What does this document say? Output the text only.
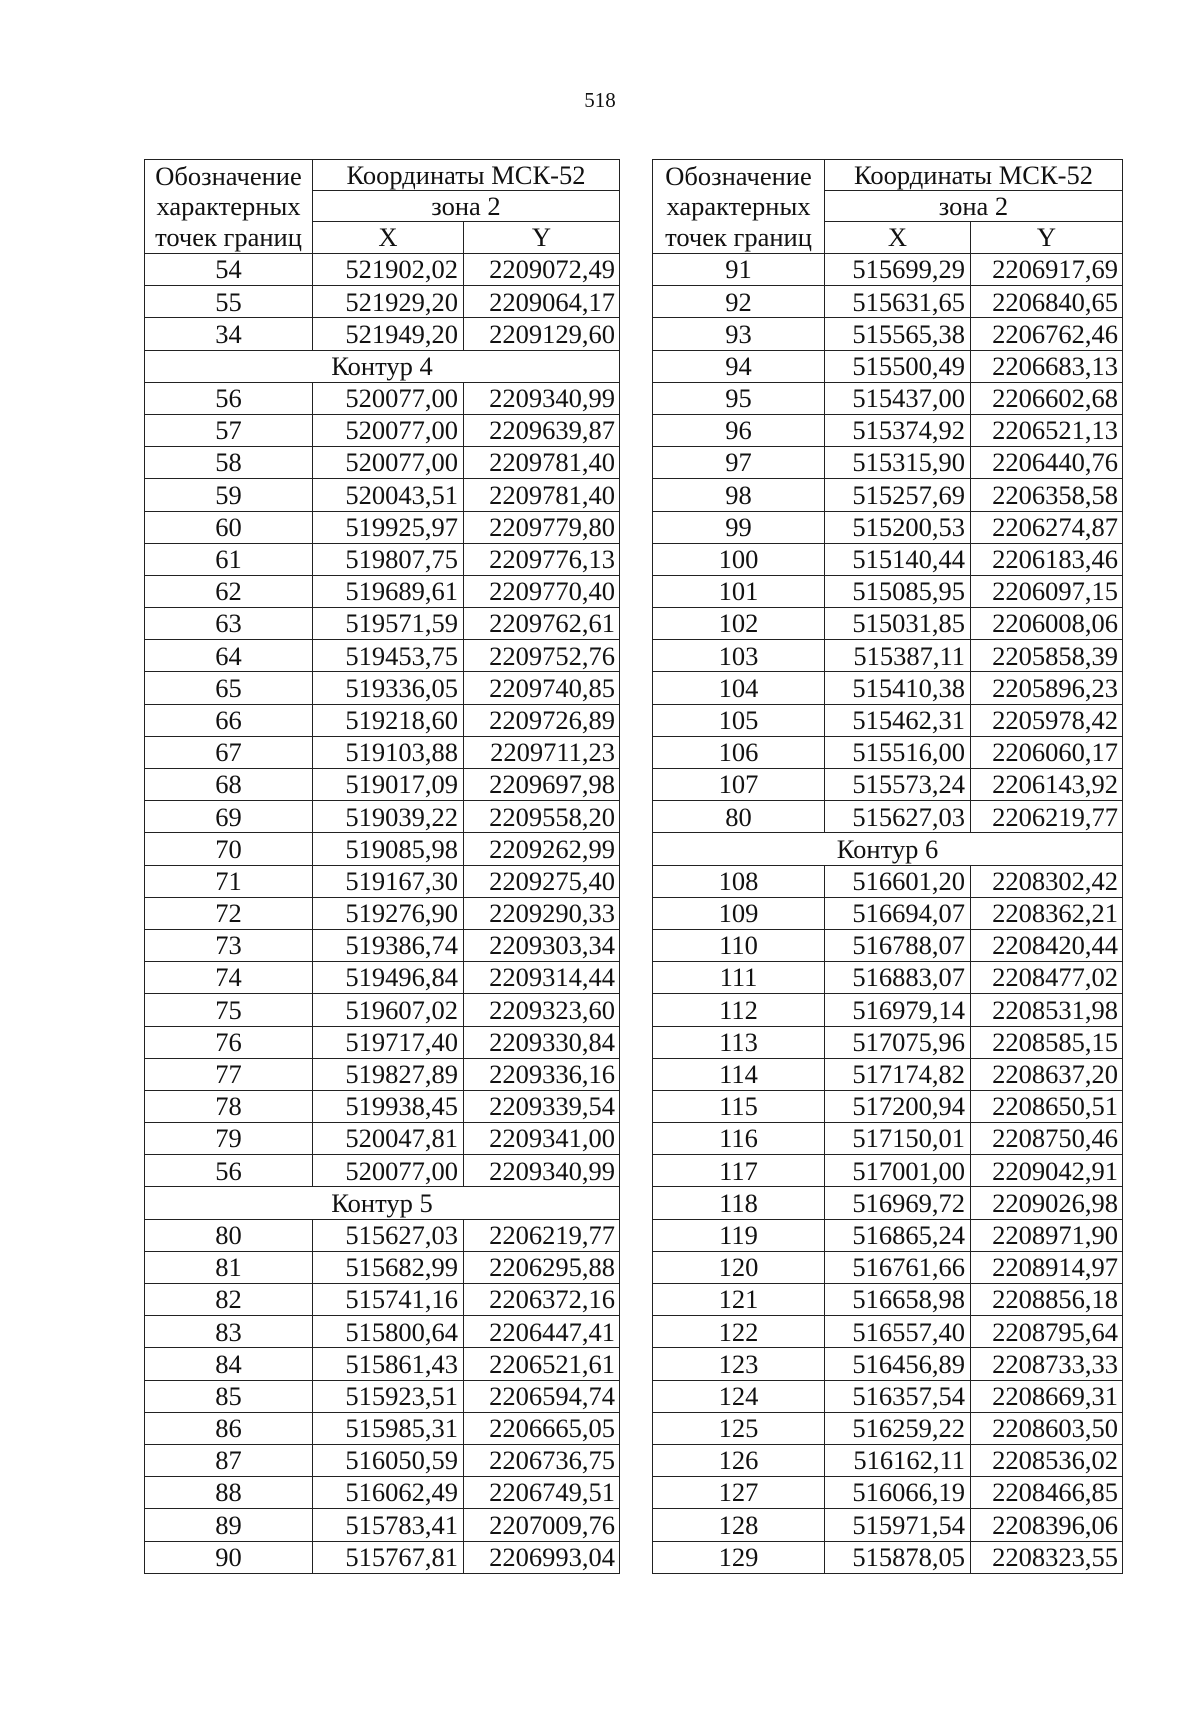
518
Обозначение
характерных
точек границ	Координаты МСК-52	
	зона 2	
	X	Y
54	521902,02	2209072,49
55	521929,20	2209064,17
34	521949,20	2209129,60
Контур 4		
56	520077,00	2209340,99
57	520077,00	2209639,87
58	520077,00	2209781,40
59	520043,51	2209781,40
60	519925,97	2209779,80
61	519807,75	2209776,13
62	519689,61	2209770,40
63	519571,59	2209762,61
64	519453,75	2209752,76
65	519336,05	2209740,85
66	519218,60	2209726,89
67	519103,88	2209711,23
68	519017,09	2209697,98
69	519039,22	2209558,20
70	519085,98	2209262,99
71	519167,30	2209275,40
72	519276,90	2209290,33
73	519386,74	2209303,34
74	519496,84	2209314,44
75	519607,02	2209323,60
76	519717,40	2209330,84
77	519827,89	2209336,16
78	519938,45	2209339,54
79	520047,81	2209341,00
56	520077,00	2209340,99
Контур 5		
80	515627,03	2206219,77
81	515682,99	2206295,88
82	515741,16	2206372,16
83	515800,64	2206447,41
84	515861,43	2206521,61
85	515923,51	2206594,74
86	515985,31	2206665,05
87	516050,59	2206736,75
88	516062,49	2206749,51
89	515783,41	2207009,76
90	515767,81	2206993,04
Обозначение
характерных
точек границ	Координаты МСК-52	
	зона 2	
	X	Y
91	515699,29	2206917,69
92	515631,65	2206840,65
93	515565,38	2206762,46
94	515500,49	2206683,13
95	515437,00	2206602,68
96	515374,92	2206521,13
97	515315,90	2206440,76
98	515257,69	2206358,58
99	515200,53	2206274,87
100	515140,44	2206183,46
101	515085,95	2206097,15
102	515031,85	2206008,06
103	515387,11	2205858,39
104	515410,38	2205896,23
105	515462,31	2205978,42
106	515516,00	2206060,17
107	515573,24	2206143,92
80	515627,03	2206219,77
Контур 6		
108	516601,20	2208302,42
109	516694,07	2208362,21
110	516788,07	2208420,44
111	516883,07	2208477,02
112	516979,14	2208531,98
113	517075,96	2208585,15
114	517174,82	2208637,20
115	517200,94	2208650,51
116	517150,01	2208750,46
117	517001,00	2209042,91
118	516969,72	2209026,98
119	516865,24	2208971,90
120	516761,66	2208914,97
121	516658,98	2208856,18
122	516557,40	2208795,64
123	516456,89	2208733,33
124	516357,54	2208669,31
125	516259,22	2208603,50
126	516162,11	2208536,02
127	516066,19	2208466,85
128	515971,54	2208396,06
129	515878,05	2208323,55
